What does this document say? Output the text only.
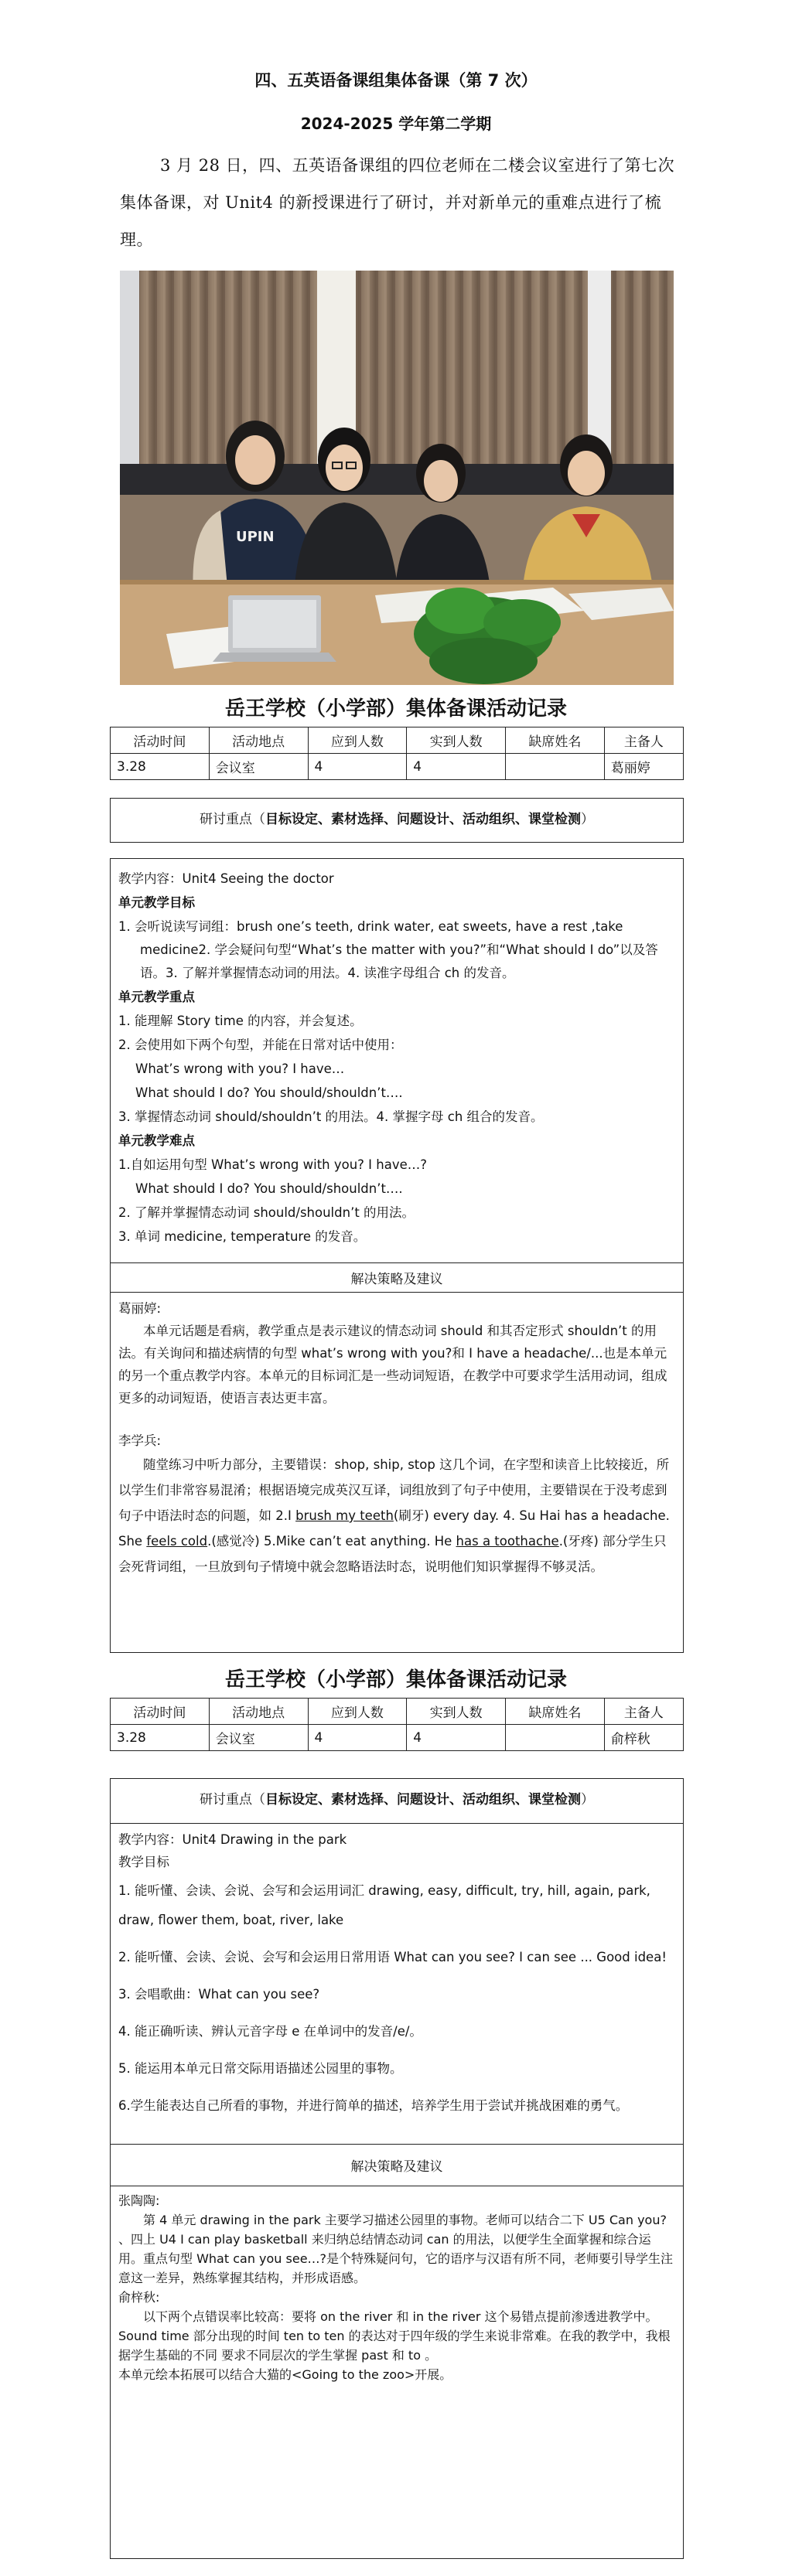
四、五英语备课组集体备课（第 7 次）
2024-2025 学年第二学期

3 月 28 日，四、五英语备课组的四位老师在二楼会议室进行了第七次集体备课，对 Unit4 的新授课进行了研讨，并对新单元的重难点进行了梳理。

UPIN
岳王学校（小学部）集体备课活动记录
活动时间	活动地点	应到人数	实到人数	缺席姓名	主备人
3.28	会议室	4	4		葛丽婷
研讨重点（目标设定、素材选择、问题设计、活动组织、课堂检测）

教学内容：Unit4 Seeing the doctor

单元教学目标

1. 会听说读写词组：brush one’s teeth, drink water, eat sweets, have a rest ,take

medicine2. 学会疑问句型“What’s the matter with you?”和“What should I do”以及答语。3. 了解并掌握情态动词的用法。4. 读准字母组合 ch 的发音。

单元教学重点

1. 能理解 Story time 的内容，并会复述。

2. 会使用如下两个句型，并能在日常对话中使用：

What’s wrong with you? I have…

What should I do? You should/shouldn’t….

3. 掌握情态动词 should/shouldn’t 的用法。4. 掌握字母 ch 组合的发音。

单元教学难点

1.自如运用句型 What’s wrong with you? I have…?

What should I do? You should/shouldn’t….

2. 了解并掌握情态动词 should/shouldn’t 的用法。

3. 单词 medicine, temperature 的发音。

解决策略及建议

葛丽婷:

本单元话题是看病，教学重点是表示建议的情态动词 should 和其否定形式 shouldn’t 的用法。有关询问和描述病情的句型 what’s wrong with you?和 I have a headache/...也是本单元的另一个重点教学内容。本单元的目标词汇是一些动词短语，在教学中可要求学生活用动词，组成更多的动词短语，使语言表达更丰富。

李学兵:

随堂练习中听力部分，主要错误：shop, ship, stop 这几个词，在字型和读音上比较接近，所以学生们非常容易混淆；根据语境完成英汉互译，词组放到了句子中使用，主要错误在于没考虑到句子中语法时态的问题，如 2.I brush my teeth(刷牙) every day. 4. Su Hai has a headache. She feels cold.(感觉冷) 5.Mike can’t eat anything. He has a toothache.(牙疼) 部分学生只会死背词组，一旦放到句子情境中就会忽略语法时态，说明他们知识掌握得不够灵活。

岳王学校（小学部）集体备课活动记录
活动时间	活动地点	应到人数	实到人数	缺席姓名	主备人
3.28	会议室	4	4		俞梓秋
研讨重点（目标设定、素材选择、问题设计、活动组织、课堂检测）

教学内容：Unit4 Drawing in the park

教学目标

1. 能听懂、会读、会说、会写和会运用词汇 drawing, easy, difficult, try, hill, again, park, draw, flower them, boat, river, lake

2. 能听懂、会读、会说、会写和会运用日常用语 What can you see? I can see ... Good idea!

3. 会唱歌曲：What can you see?

4. 能正确听读、辨认元音字母 e 在单词中的发音/e/。

5. 能运用本单元日常交际用语描述公园里的事物。

6.学生能表达自己所看的事物，并进行简单的描述，培养学生用于尝试并挑战困难的勇气。

解决策略及建议

张陶陶:

第 4 单元 drawing in the park 主要学习描述公园里的事物。老师可以结合二下 U5 Can you? 、四上 U4 I can play basketball 来归纳总结情态动词 can 的用法，以便学生全面掌握和综合运用。重点句型 What can you see…?是个特殊疑问句，它的语序与汉语有所不同，老师要引导学生注意这一差异，熟练掌握其结构，并形成语感。

俞梓秋:

以下两个点错误率比较高：要将 on the river 和 in the river 这个易错点提前渗透进教学中。 Sound time 部分出现的时间 ten to ten 的表达对于四年级的学生来说非常难。在我的教学中，我根据学生基础的不同 要求不同层次的学生掌握 past 和 to 。

本单元绘本拓展可以结合大猫的<Going to the zoo>开展。
